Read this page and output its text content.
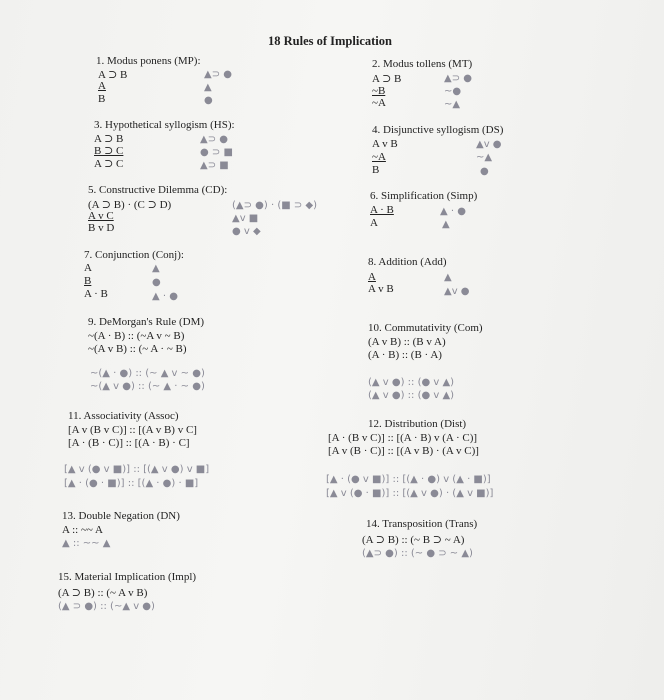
18 Rules of Implication
1. Modus ponens (MP):
A ⊃ B
A
B
▲⊃ ●
▲
●
2. Modus tollens (MT)
A ⊃ B
~B
~A
▲⊃ ●
~●
~▲
3. Hypothetical syllogism (HS):
A ⊃ B
B ⊃ C
A ⊃ C
▲⊃ ●
● ⊃ ■
▲⊃ ■
4. Disjunctive syllogism (DS)
A v B
~A
B
▲v ●
~▲
●
5. Constructive Dilemma (CD):
(A ⊃ B) · (C ⊃ D)
A v C
B v D
(▲⊃ ●) · (■ ⊃ ◆)
▲v ■
● v ◆
6. Simplification (Simp)
A · B
A
▲ · ●
▲
7. Conjunction (Conj):
A
B
A · B
▲
●
▲ · ●
8. Addition (Add)
A
A v B
▲
▲v ●
9. DeMorgan's Rule (DM)
~(A · B) :: (~A v ~ B)
~(A v B) :: (~ A · ~ B)
~(▲ · ●) :: (~ ▲ v ~ ●)
~(▲ v ●) :: (~ ▲ · ~ ●)
10. Commutativity (Com)
(A v B) :: (B v A)
(A · B) :: (B · A)
(▲ v ●) :: (● v ▲)
(▲ v ●) :: (● v ▲)
11. Associativity (Assoc)
[A v (B v C)] :: [(A v B) v C]
[A · (B · C)] :: [(A · B) · C]
[▲ v (● v ■)] :: [(▲ v ●) v ■]
[▲ · (● · ■)] :: [(▲ · ●) · ■]
12. Distribution (Dist)
[A · (B v C)] :: [(A · B) v (A · C)]
[A v (B · C)] :: [(A v B) · (A v C)]
[▲ · (● v ■)] :: [(▲ · ●) v (▲ · ■)]
[▲ v (● · ■)] :: [(▲ v ●) · (▲ v ■)]
13. Double Negation (DN)
A :: ~~ A
▲ :: ~~ ▲
14. Transposition (Trans)
(A ⊃ B) :: (~ B ⊃ ~ A)
(▲⊃ ●) :: (~ ● ⊃ ~ ▲)
15. Material Implication (Impl)
(A ⊃ B) :: (~ A v B)
(▲ ⊃ ●) :: (~▲ v ●)
